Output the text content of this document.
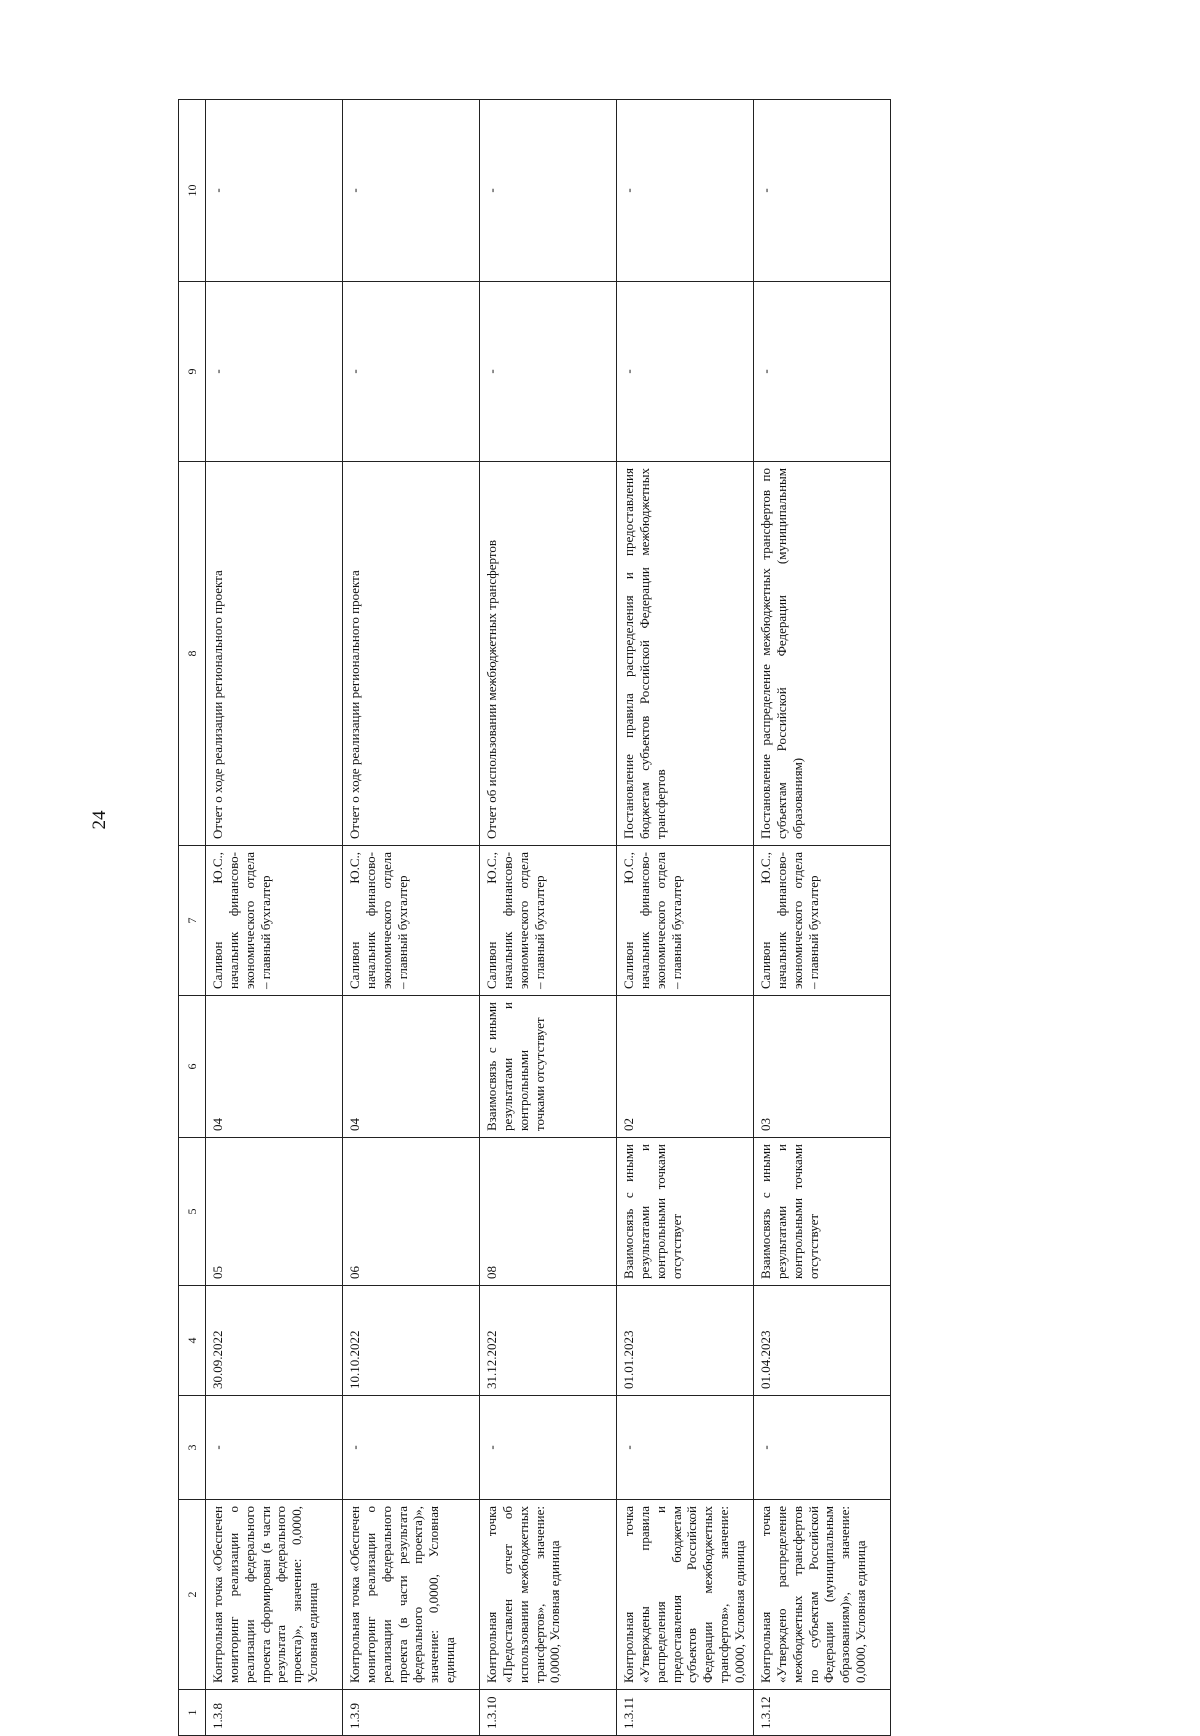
24
1	2	3	4	5	6	7	8	9	10
1.3.8	Контрольная точка «Обеспечен мониторинг реализации о реализации федерального проекта сформирован (в части результата федерального проекта)», значение: 0,0000, Условная единица	-	30.09.2022	05	04	Саливон Ю.С., начальник финансово-экономического отдела – главный бухгалтер	Отчет о ходе реализации регионального проекта	-	-
1.3.9	Контрольная точка «Обеспечен мониторинг реализации о реализации федерального проекта (в части результата федерального проекта)», значение: 0,0000, Условная единица	-	10.10.2022	06	04	Саливон Ю.С., начальник финансово-экономического отдела – главный бухгалтер	Отчет о ходе реализации регионального проекта	-	-
1.3.10	Контрольная точка «Предоставлен отчет об использовании межбюджетных трансфертов», значение: 0,0000, Условная единица	-	31.12.2022	08	Взаимосвязь с иными результатами и контрольными точками отсутствует	Саливон Ю.С., начальник финансово-экономического отдела – главный бухгалтер	Отчет об использовании межбюджетных трансфертов	-	-
1.3.11	Контрольная точка «Утверждены правила распределения и предоставления бюджетам субъектов Российской Федерации межбюджетных трансфертов», значение: 0,0000, Условная единица	-	01.01.2023	Взаимосвязь с иными результатами и контрольными точками отсутствует	02	Саливон Ю.С., начальник финансово-экономического отдела – главный бухгалтер	Постановление правила распределения и предоставления бюджетам субъектов Российской Федерации межбюджетных трансфертов	-	-
1.3.12	Контрольная точка «Утверждено распределение межбюджетных трансфертов по субъектам Российской Федерации (муниципальным образованиям)», значение: 0,0000, Условная единица	-	01.04.2023	Взаимосвязь с иными результатами и контрольными точками отсутствует	03	Саливон Ю.С., начальник финансово-экономического отдела – главный бухгалтер	Постановление распределение межбюджетных трансфертов по субъектам Российской Федерации (муниципальным образованиям)	-	-
